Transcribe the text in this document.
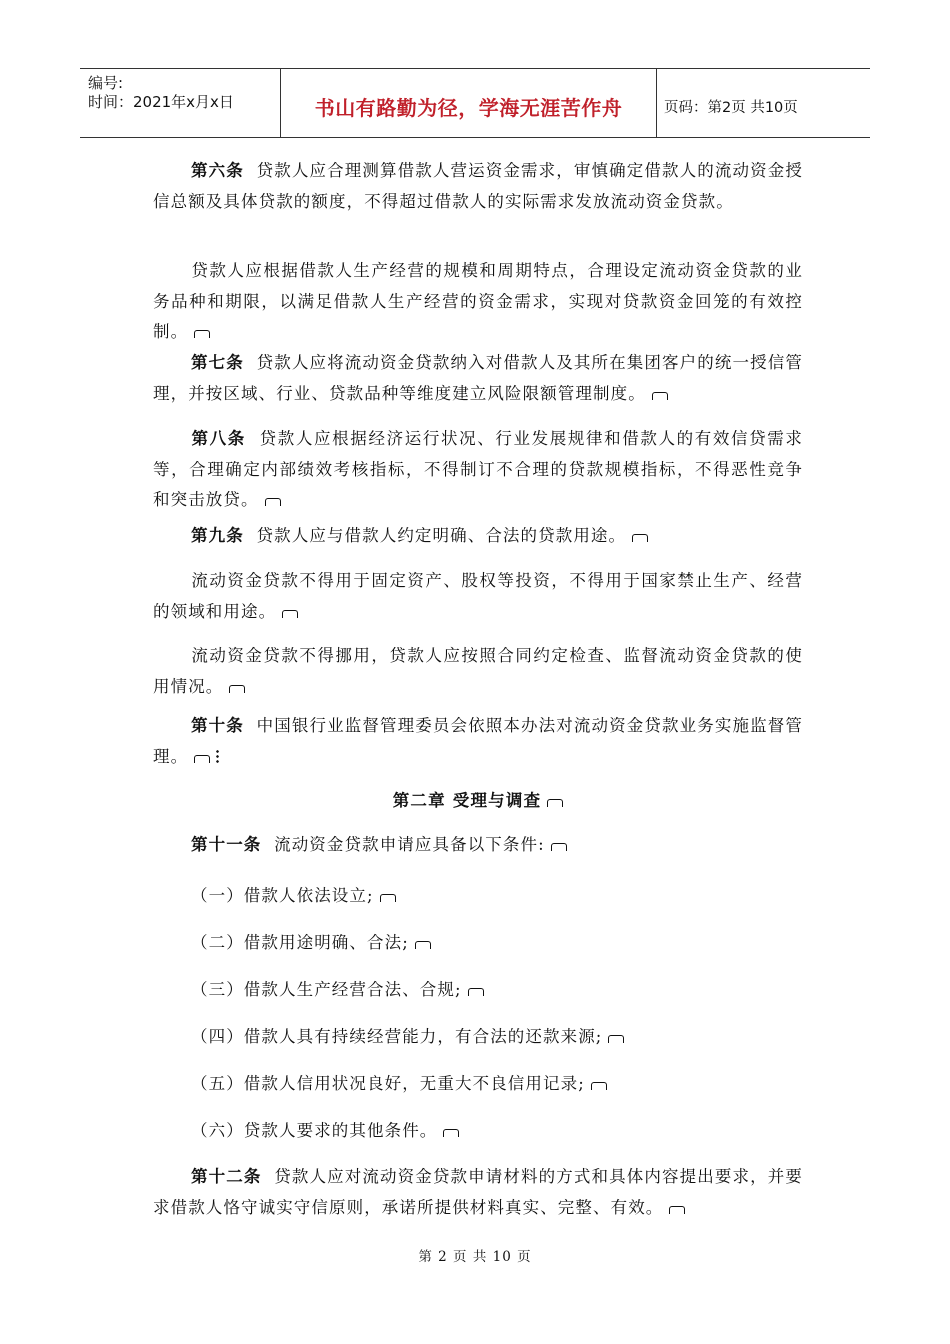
编号:
时间：2021年x月x日	书山有路勤为径，学海无涯苦作舟	页码：第2页 共10页
第六条 贷款人应合理测算借款人营运资金需求，审慎确定借款人的流动资金授信总额及具体贷款的额度，不得超过借款人的实际需求发放流动资金贷款。
贷款人应根据借款人生产经营的规模和周期特点，合理设定流动资金贷款的业务品种和期限，以满足借款人生产经营的资金需求，实现对贷款资金回笼的有效控制。
第七条 贷款人应将流动资金贷款纳入对借款人及其所在集团客户的统一授信管理，并按区域、行业、贷款品种等维度建立风险限额管理制度。
第八条 贷款人应根据经济运行状况、行业发展规律和借款人的有效信贷需求等，合理确定内部绩效考核指标，不得制订不合理的贷款规模指标，不得恶性竞争和突击放贷。
第九条 贷款人应与借款人约定明确、合法的贷款用途。
流动资金贷款不得用于固定资产、股权等投资，不得用于国家禁止生产、经营的领域和用途。
流动资金贷款不得挪用，贷款人应按照合同约定检查、监督流动资金贷款的使用情况。
第十条 中国银行业监督管理委员会依照本办法对流动资金贷款业务实施监督管理。
第二章 受理与调查
第十一条 流动资金贷款申请应具备以下条件:
（一）借款人依法设立;
（二）借款用途明确、合法;
（三）借款人生产经营合法、合规;
（四）借款人具有持续经营能力，有合法的还款来源;
（五）借款人信用状况良好，无重大不良信用记录;
（六）贷款人要求的其他条件。
第十二条 贷款人应对流动资金贷款申请材料的方式和具体内容提出要求，并要求借款人恪守诚实守信原则，承诺所提供材料真实、完整、有效。
第 2 页 共 10 页
